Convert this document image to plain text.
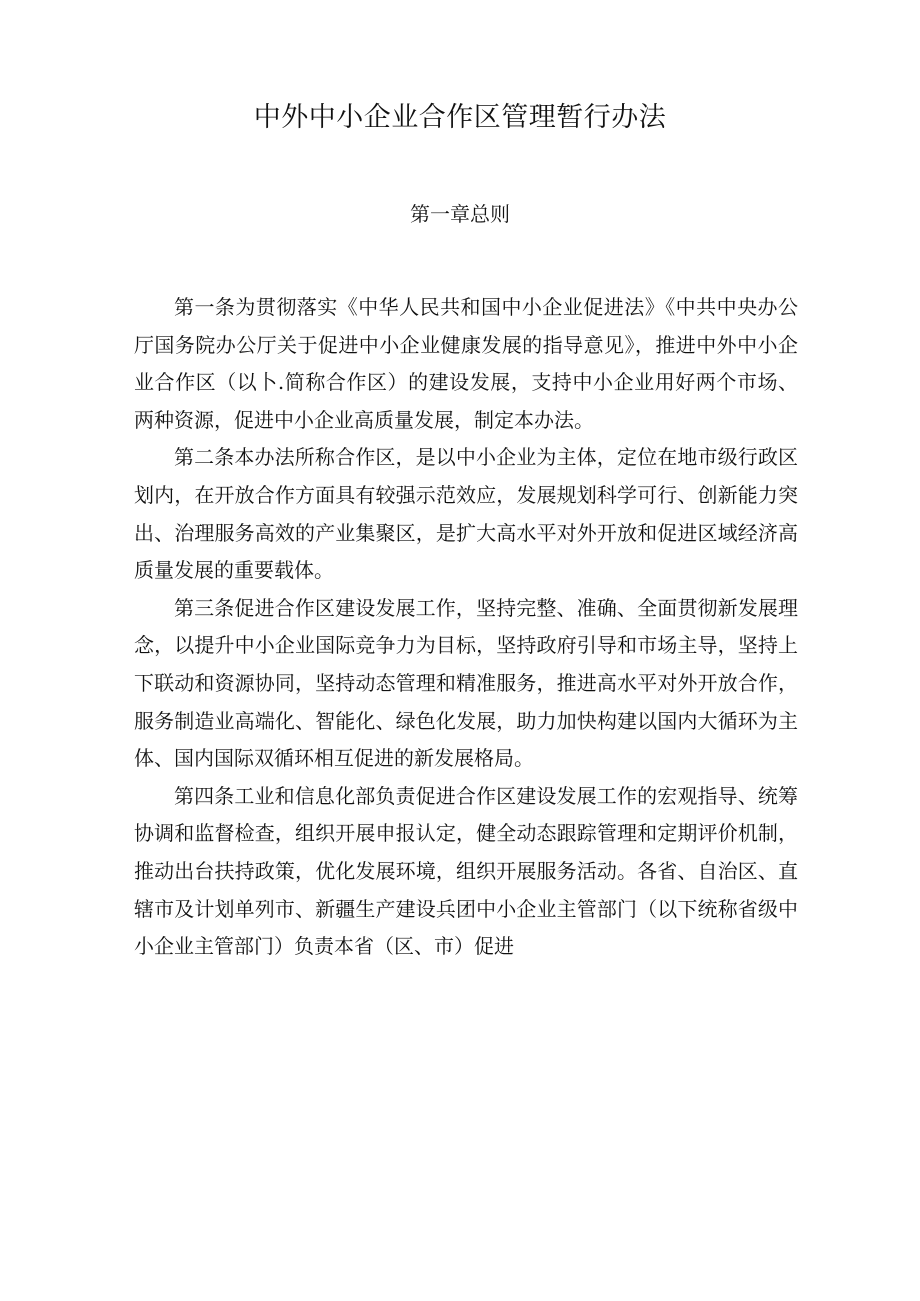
中外中小企业合作区管理暂行办法
第一章总则

第一条为贯彻落实《中华人民共和国中小企业促进法》《中共中央办公厅国务院办公厅关于促进中小企业健康发展的指导意见》，推进中外中小企业合作区（以卜.简称合作区）的建设发展，支持中小企业用好两个市场、两种资源，促进中小企业高质量发展，制定本办法。

第二条本办法所称合作区，是以中小企业为主体，定位在地市级行政区划内，在开放合作方面具有较强示范效应，发展规划科学可行、创新能力突出、治理服务高效的产业集聚区，是扩大高水平对外开放和促进区域经济高质量发展的重要载体。

第三条促进合作区建设发展工作，坚持完整、准确、全面贯彻新发展理念，以提升中小企业国际竞争力为目标，坚持政府引导和市场主导，坚持上下联动和资源协同，坚持动态管理和精准服务，推进高水平对外开放合作，服务制造业高端化、智能化、绿色化发展，助力加快构建以国内大循环为主体、国内国际双循环相互促进的新发展格局。

第四条工业和信息化部负责促进合作区建设发展工作的宏观指导、统筹协调和监督检查，组织开展申报认定，健全动态跟踪管理和定期评价机制，推动出台扶持政策，优化发展环境，组织开展服务活动。各省、自治区、直辖市及计划单列市、新疆生产建设兵团中小企业主管部门（以下统称省级中小企业主管部门）负责本省（区、市）促进
